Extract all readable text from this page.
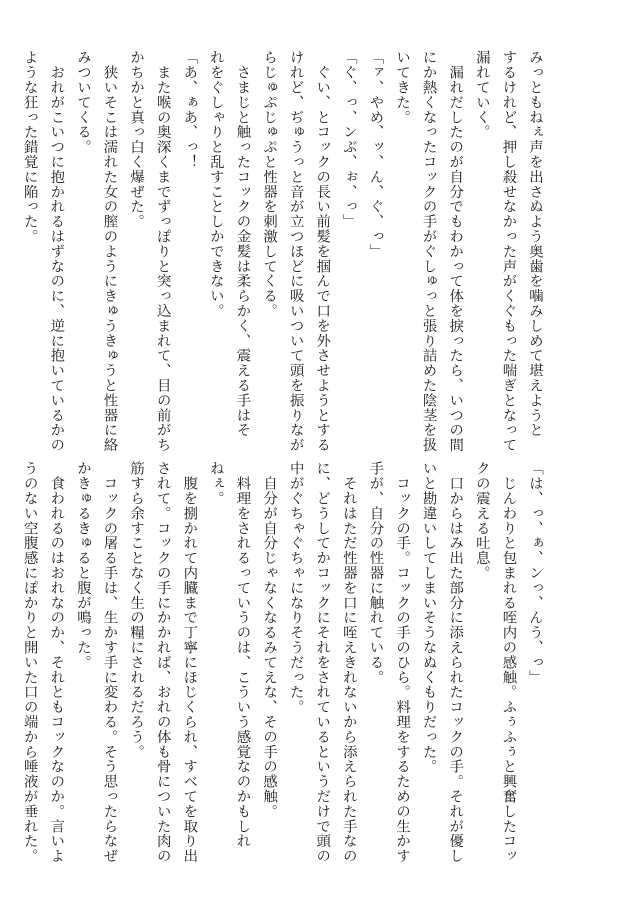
みっともねぇ声を出さぬよう奥歯を噛みしめて堪えようと
するけれど、押し殺せなかった声がくぐもった喘ぎとなって
漏れていく。
　漏れだしたのが自分でもわかって体を捩ったら、いつの間
にか熱くなったコックの手がぐしゅっと張り詰めた陰茎を扱
いてきた。
「ァ、やめ、ッ、ん、ぐ、っ」
「ぐ、っ、ンぶ、ぉ、っ」
　ぐい、とコックの長い前髪を掴んで口を外させようとする
けれど、ぢゅうっと音が立つほどに吸いついて頭を振りなが
らじゅぷじゅぷと性器を刺激してくる。
　さまじと触ったコックの金髪は柔らかく、震える手はそ
れをぐしゃりと乱すことしかできない。
「あ、ぁあ、っ！
　また喉の奥深くまでずっぽりと突っ込まれて、目の前がち
かちかと真っ白く爆ぜた。
　狭いそこは濡れた女の膣のようにきゅうきゅうと性器に絡
みついてくる。
　おれがこいつに抱かれるはずなのに、逆に抱いているかの
ような狂った錯覚に陥った。
「は、っ、ぁ、ンっ、んう、っ」
　じんわりと包まれる咥内の感触。ふぅふぅと興奮したコッ
クの震える吐息。
　口からはみ出た部分に添えられたコックの手。それが優し
いと勘違いしてしまいそうなぬくもりだった。
　コックの手。コックの手のひら。料理をするための生かす
手が、自分の性器に触れている。
　それはただ性器を口に咥えきれないから添えられた手なの
に、どうしてかコックにそれをされているというだけで頭の
中がぐちゃぐちゃになりそうだった。
　自分が自分じゃなくなるみてえな、その手の感触。
　料理をされるっていうのは、こういう感覚なのかもしれ
ねぇ。
　腹を捌かれて内臓まで丁寧にほじくられ、すべてを取り出
されて。コックの手にかかれば、おれの体も骨についた肉の
筋すら余すことなく生の糧にされるだろう。
　コックの屠る手は、生かす手に変わる。そう思ったらなぜ
かきゅるきゅると腹が鳴った。
　食われるのはおれなのか、それともコックなのか。言いよ
うのない空腹感にぽかりと開いた口の端から唾液が垂れた。
